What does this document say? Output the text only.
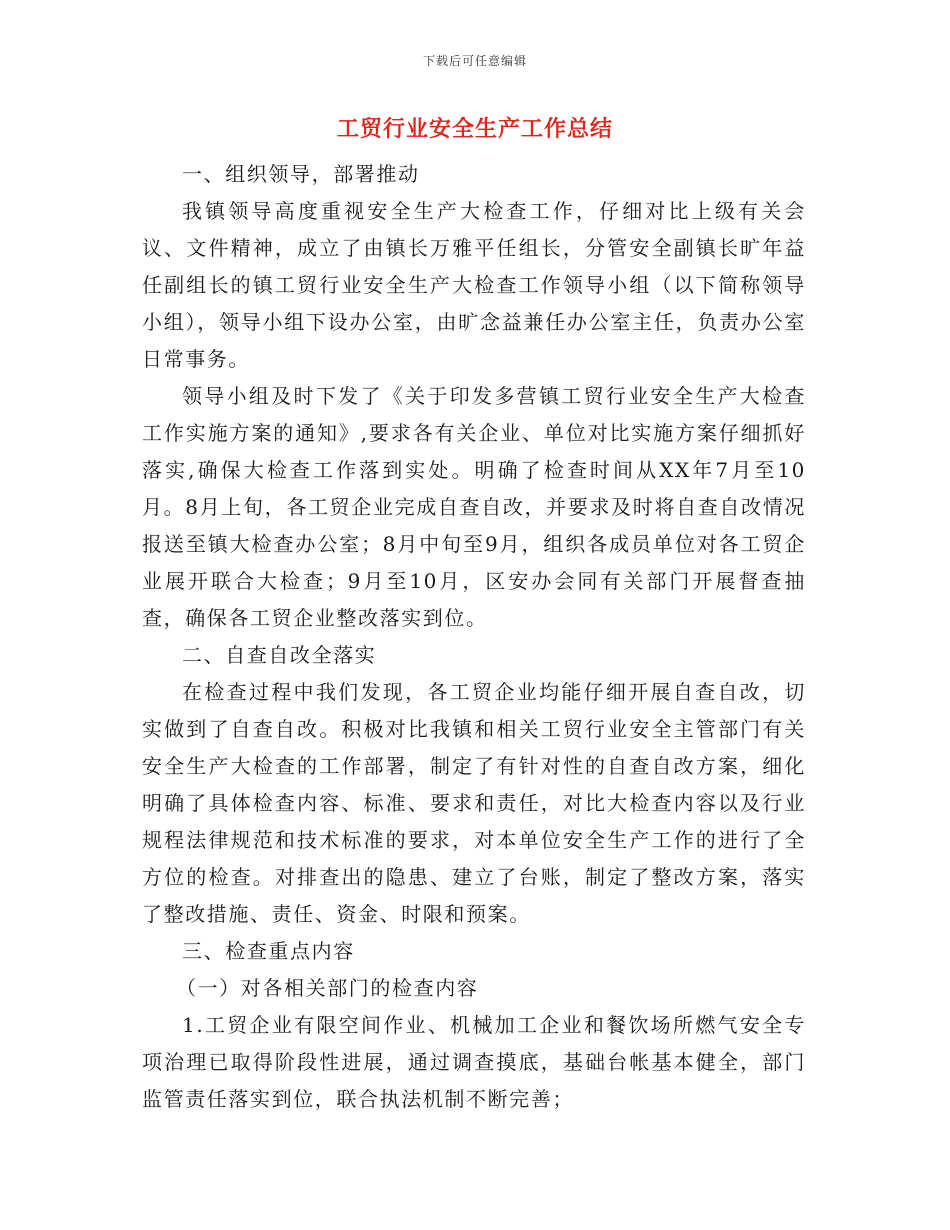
下载后可任意编辑
工贸行业安全生产工作总结

一、组织领导，部署推动

我镇领导高度重视安全生产大检查工作，仔细对比上级有关会议、文件精神，成立了由镇长万雅平任组长，分管安全副镇长旷年益任副组长的镇工贸行业安全生产大检查工作领导小组（以下简称领导小组），领导小组下设办公室，由旷念益兼任办公室主任，负责办公室日常事务。

领导小组及时下发了《关于印发多营镇工贸行业安全生产大检查工作实施方案的通知》,要求各有关企业、单位对比实施方案仔细抓好落实,确保大检查工作落到实处。明确了检查时间从XX年7月至10月。8月上旬，各工贸企业完成自查自改，并要求及时将自查自改情况报送至镇大检查办公室；8月中旬至9月，组织各成员单位对各工贸企业展开联合大检查；9月至10月，区安办会同有关部门开展督查抽查，确保各工贸企业整改落实到位。

二、自查自改全落实

在检查过程中我们发现，各工贸企业均能仔细开展自查自改，切实做到了自查自改。积极对比我镇和相关工贸行业安全主管部门有关安全生产大检查的工作部署，制定了有针对性的自查自改方案，细化明确了具体检查内容、标准、要求和责任，对比大检查内容以及行业规程法律规范和技术标准的要求，对本单位安全生产工作的进行了全方位的检查。对排查出的隐患、建立了台账，制定了整改方案，落实了整改措施、责任、资金、时限和预案。

三、检查重点内容

（一）对各相关部门的检查内容

1.工贸企业有限空间作业、机械加工企业和餐饮场所燃气安全专项治理已取得阶段性进展，通过调查摸底，基础台帐基本健全，部门监管责任落实到位，联合执法机制不断完善；
